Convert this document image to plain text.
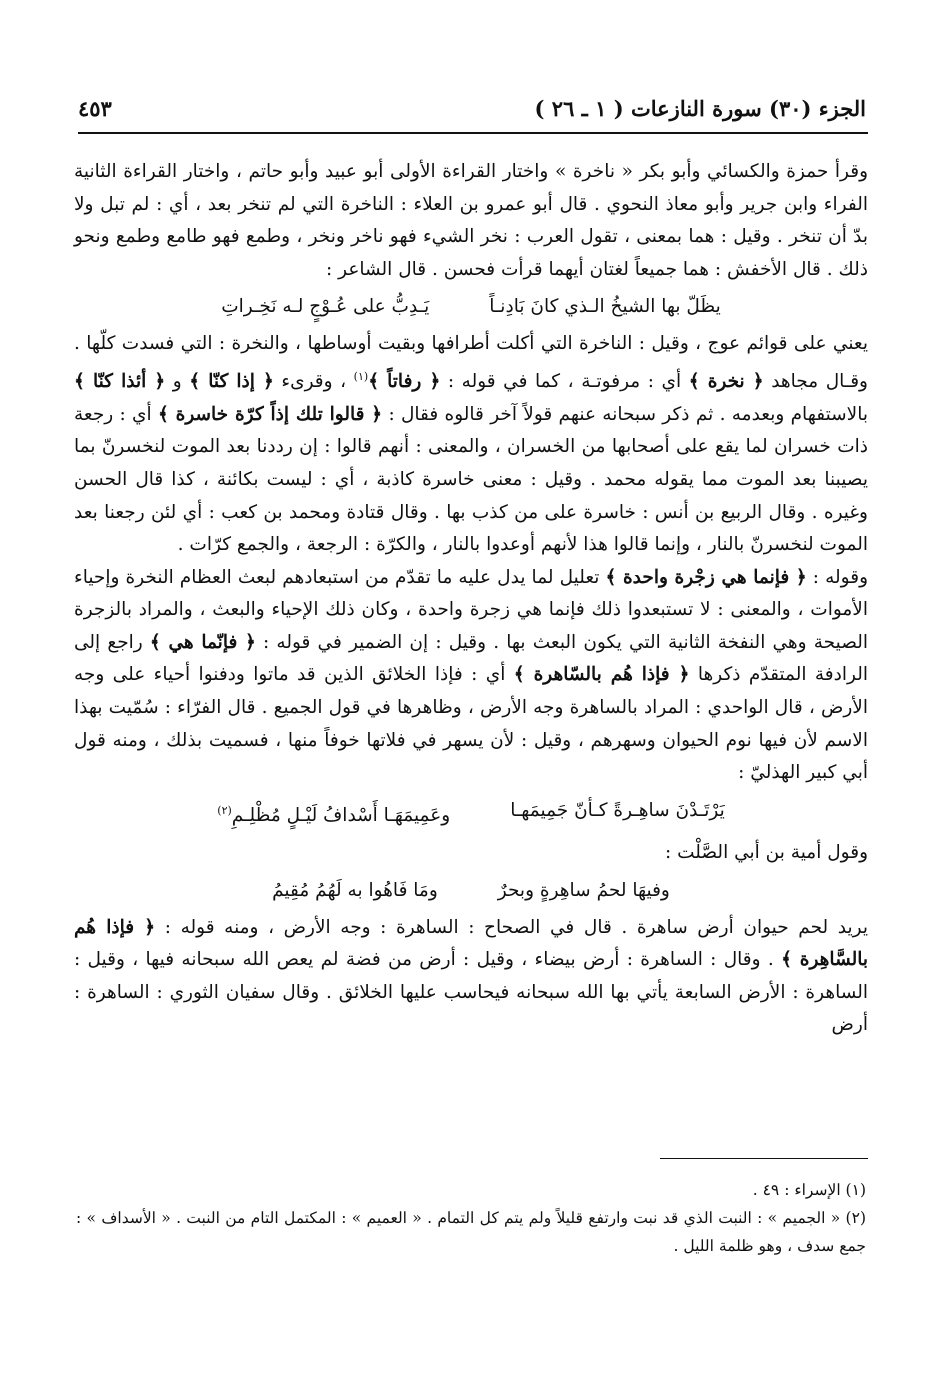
الجزء (٣٠) سورة النازعات ( ١ ـ ٢٦ )
٤٥٣

وقرأ حمزة والكسائي وأبو بكر « ناخرة » واختار القراءة الأولى أبو عبيد وأبو حاتم ، واختار القراءة الثانية الفراء وابن جرير وأبو معاذ النحوي . قال أبو عمرو بن العلاء : الناخرة التي لم تنخر بعد ، أي : لم تبل ولا بدّ أن تنخر . وقيل : هما بمعنى ، تقول العرب : نخر الشيء فهو ناخر ونخر ، وطمع فهو طامع وطمع ونحو ذلك . قال الأخفش : هما جميعاً لغتان أيهما قرأت فحسن . قال الشاعر :

يظَلّ بها الشيخُ الـذي كانَ بَادِنـاً
يَـدِبُّ على عُـوْجٍ لـه نَخِـراتِ

يعني على قوائم عوج ، وقيل : الناخرة التي أكلت أطرافها وبقيت أوساطها ، والنخرة : التي فسدت كلّها . وقـال مجاهد ﴿ نخرة ﴾ أي : مرفوتـة ، كما في قوله : ﴿ رفاتاً ﴾$^{(١)}$ ، وقرىء ﴿ إذا كنّا ﴾ و ﴿ أئذا كنّا ﴾ بالاستفهام وبعدمه . ثم ذكر سبحانه عنهم قولاً آخر قالوه فقال : ﴿ قالوا تلك إذاً كرّة خاسرة ﴾ أي : رجعة ذات خسران لما يقع على أصحابها من الخسران ، والمعنى : أنهم قالوا : إن رددنا بعد الموت لنخسرنّ بما يصيبنا بعد الموت مما يقوله محمد . وقيل : معنى خاسرة كاذبة ، أي : ليست بكائنة ، كذا قال الحسن وغيره . وقال الربيع بن أنس : خاسرة على من كذب بها . وقال قتادة ومحمد بن كعب : أي لئن رجعنا بعد الموت لنخسرنّ بالنار ، وإنما قالوا هذا لأنهم أوعدوا بالنار ، والكرّة : الرجعة ، والجمع كرّات .

وقوله : ﴿ فإنما هي زجْرة واحدة ﴾ تعليل لما يدل عليه ما تقدّم من استبعادهم لبعث العظام النخرة وإحياء الأموات ، والمعنى : لا تستبعدوا ذلك فإنما هي زجرة واحدة ، وكان ذلك الإحياء والبعث ، والمراد بالزجرة الصيحة وهي النفخة الثانية التي يكون البعث بها . وقيل : إن الضمير في قوله : ﴿ فإنّما هي ﴾ راجع إلى الرادفة المتقدّم ذكرها ﴿ فإذا هُم بالسّاهرة ﴾ أي : فإذا الخلائق الذين قد ماتوا ودفنوا أحياء على وجه الأرض ، قال الواحدي : المراد بالساهرة وجه الأرض ، وظاهرها في قول الجميع . قال الفرّاء : سُمّيت بهذا الاسم لأن فيها نوم الحيوان وسهرهم ، وقيل : لأن يسهر في فلاتها خوفاً منها ، فسميت بذلك ، ومنه قول أبي كبير الهذليّ :

يَرْتَـدْنَ ساهِـرةً كـأنّ جَمِيمَهـا
وعَمِيمَهَـا أَسْدافُ لَيْـلٍ مُظْلِـمِ$^{(٢)}$

وقول أمية بن أبي الصَّلْت :

وفيهَا لحمُ ساهِرةٍ وبحرٌ
ومَا فَاهُوا به لَهُمُ مُقِيمُ

يريد لحم حيوان أرض ساهرة . قال في الصحاح : الساهرة : وجه الأرض ، ومنه قوله : ﴿ فإذا هُم بالسَّاهِرة ﴾ . وقال : الساهرة : أرض بيضاء ، وقيل : أرض من فضة لم يعص الله سبحانه فيها ، وقيل : الساهرة : الأرض السابعة يأتي بها الله سبحانه فيحاسب عليها الخلائق . وقال سفيان الثوري : الساهرة : أرض

(١) الإسراء : ٤٩ .

(٢) « الجميم » : النبت الذي قد نبت وارتفع قليلاً ولم يتم كل التمام . « العميم » : المكتمل التام من النبت . « الأسداف » : جمع سدف ، وهو ظلمة الليل .
